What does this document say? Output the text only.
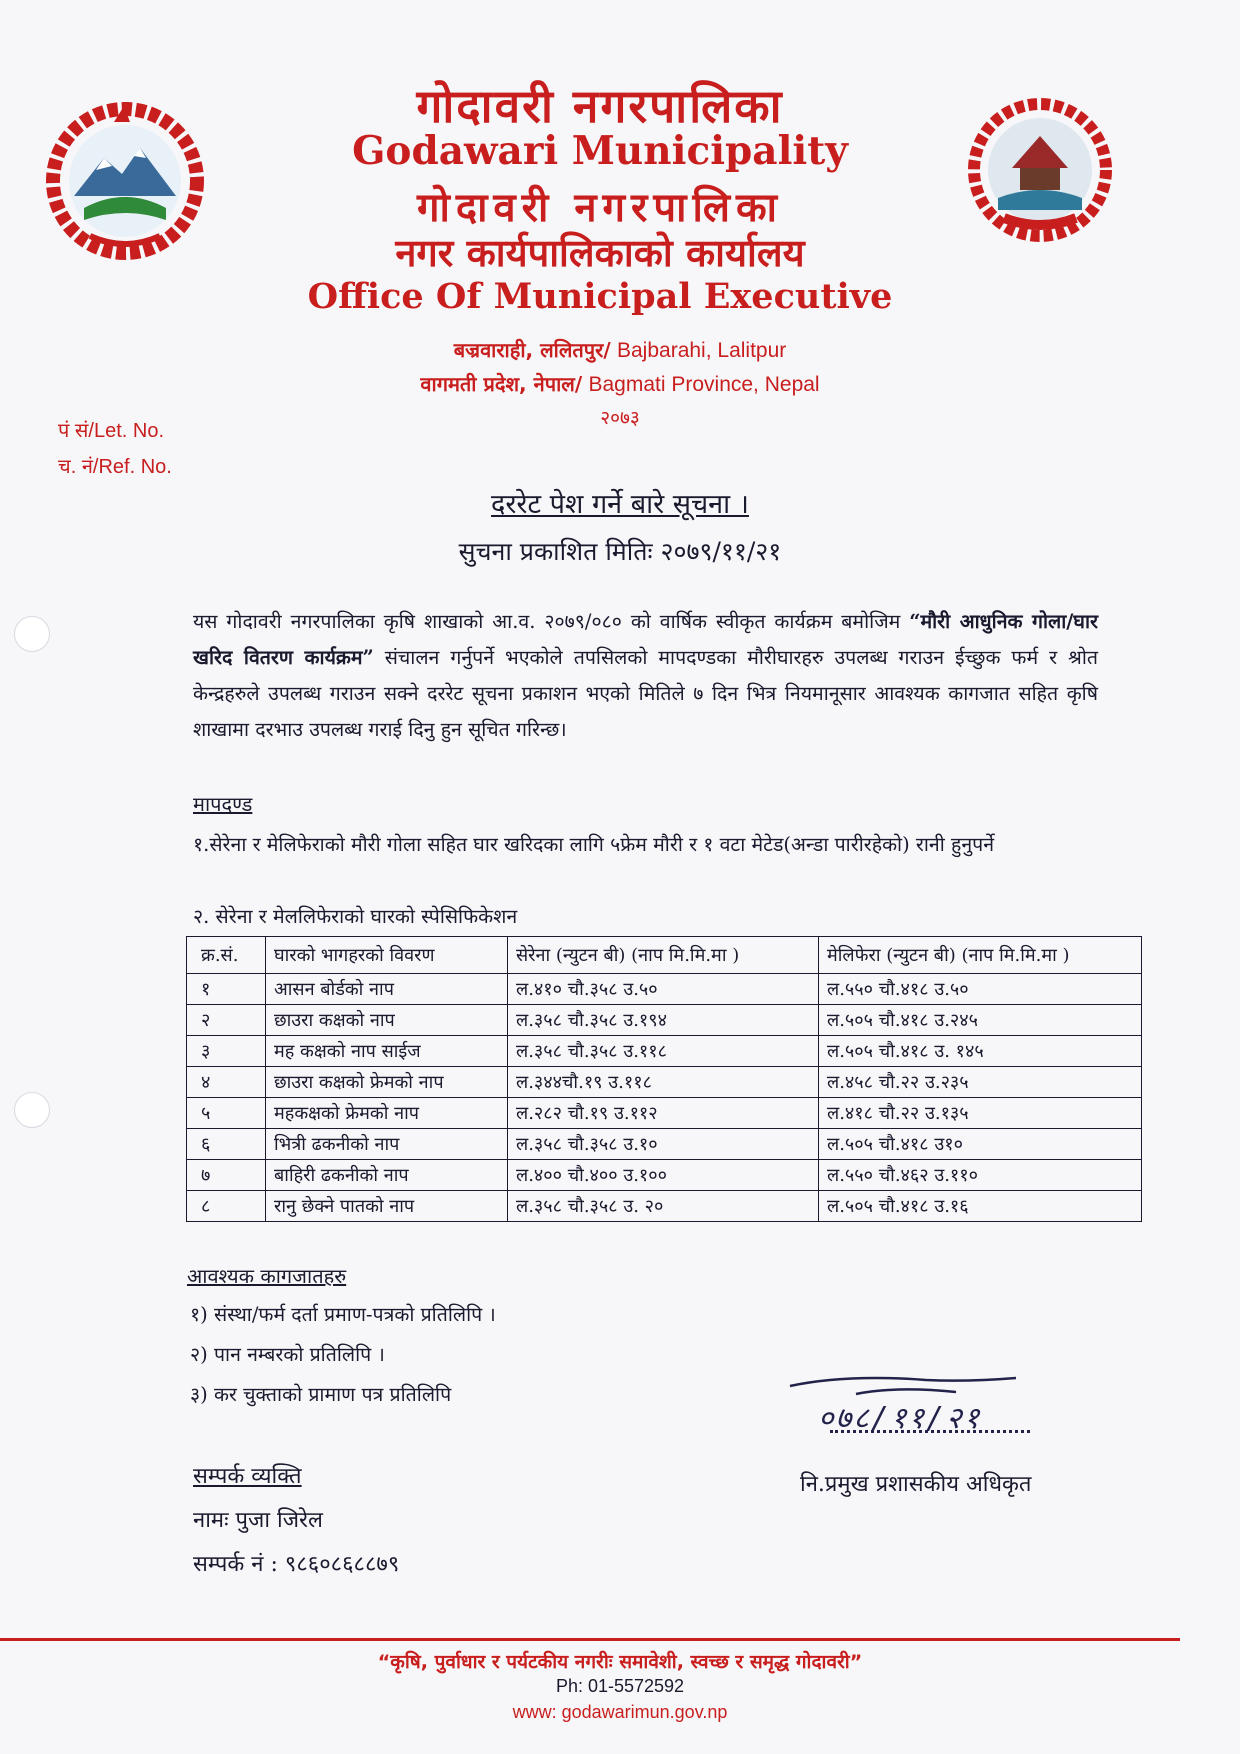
गोदावरी नगरपालिका
Godawari Municipality
गोदावरी नगरपालिका
नगर कार्यपालिकाको कार्यालय
Office Of Municipal Executive
बज्रवाराही, ललितपुर/ Bajbarahi, Lalitpur
वागमती प्रदेश, नेपाल/ Bagmati Province, Nepal
२०७३
पं सं/Let. No.
च. नं/Ref. No.
दररेट पेश गर्ने बारे सूचना ।
सुचना प्रकाशित मितिः २०७९/११/२१
यस गोदावरी नगरपालिका कृषि शाखाको आ.व. २०७९/०८० को वार्षिक स्वीकृत कार्यक्रम बमोजिम “मौरी आधुनिक गोला/घार खरिद वितरण कार्यक्रम” संचालन गर्नुपर्ने भएकोले तपसिलको मापदण्डका मौरीघारहरु उपलब्ध गराउन ईच्छुक फर्म र श्रोत केन्द्रहरुले उपलब्ध गराउन सक्ने दररेट सूचना प्रकाशन भएको मितिले ७ दिन भित्र नियमानूसार आवश्यक कागजात सहित कृषि शाखामा दरभाउ उपलब्ध गराई दिनु हुन सूचित गरिन्छ।
मापदण्ड
१.सेरेना र मेलिफेराको मौरी गोला सहित घार खरिदका लागि ५फ्रेम मौरी र १ वटा मेटेड(अन्डा पारीरहेको) रानी हुनुपर्ने
२. सेरेना र मेललिफेराको घारको स्पेसिफिकेशन
क्र.सं.	घारको भागहरको विवरण	सेरेना (न्युटन बी) (नाप मि.मि.मा )	मेलिफेरा (न्युटन बी) (नाप मि.मि.मा )
१	आसन बोर्डको नाप	ल.४१० चौ.३५८ उ.५०	ल.५५० चौ.४१८ उ.५०
२	छाउरा कक्षको नाप	ल.३५८ चौ.३५८ उ.१९४	ल.५०५ चौ.४१८ उ.२४५
३	मह कक्षको नाप साईज	ल.३५८ चौ.३५८ उ.११८	ल.५०५ चौ.४१८ उ. १४५
४	छाउरा कक्षको फ्रेमको नाप	ल.३४४चौ.१९ उ.११८	ल.४५८ चौ.२२ उ.२३५
५	महकक्षको फ्रेमको नाप	ल.२८२ चौ.१९ उ.११२	ल.४१८ चौ.२२ उ.१३५
६	भित्री ढकनीको नाप	ल.३५८ चौ.३५८ उ.१०	ल.५०५ चौ.४१८ उ१०
७	बाहिरी ढकनीको नाप	ल.४०० चौ.४०० उ.१००	ल.५५० चौ.४६२ उ.११०
८	रानु छेक्ने पातको नाप	ल.३५८ चौ.३५८ उ. २०	ल.५०५ चौ.४१८ उ.१६
आवश्यक कागजातहरु
१) संस्था/फर्म दर्ता प्रमाण-पत्रको प्रतिलिपि ।
२) पान नम्बरको प्रतिलिपि ।
३) कर चुक्ताको प्रामाण पत्र प्रतिलिपि
सम्पर्क व्यक्ति
नामः पुजा जिरेल
सम्पर्क नं : ९८६०८६८८७९
०७८/११/२१
नि.प्रमुख प्रशासकीय अधिकृत
“कृषि, पुर्वाधार र पर्यटकीय नगरीः समावेशी, स्वच्छ र समृद्ध गोदावरी”
Ph: 01-5572592
www: godawarimun.gov.np
